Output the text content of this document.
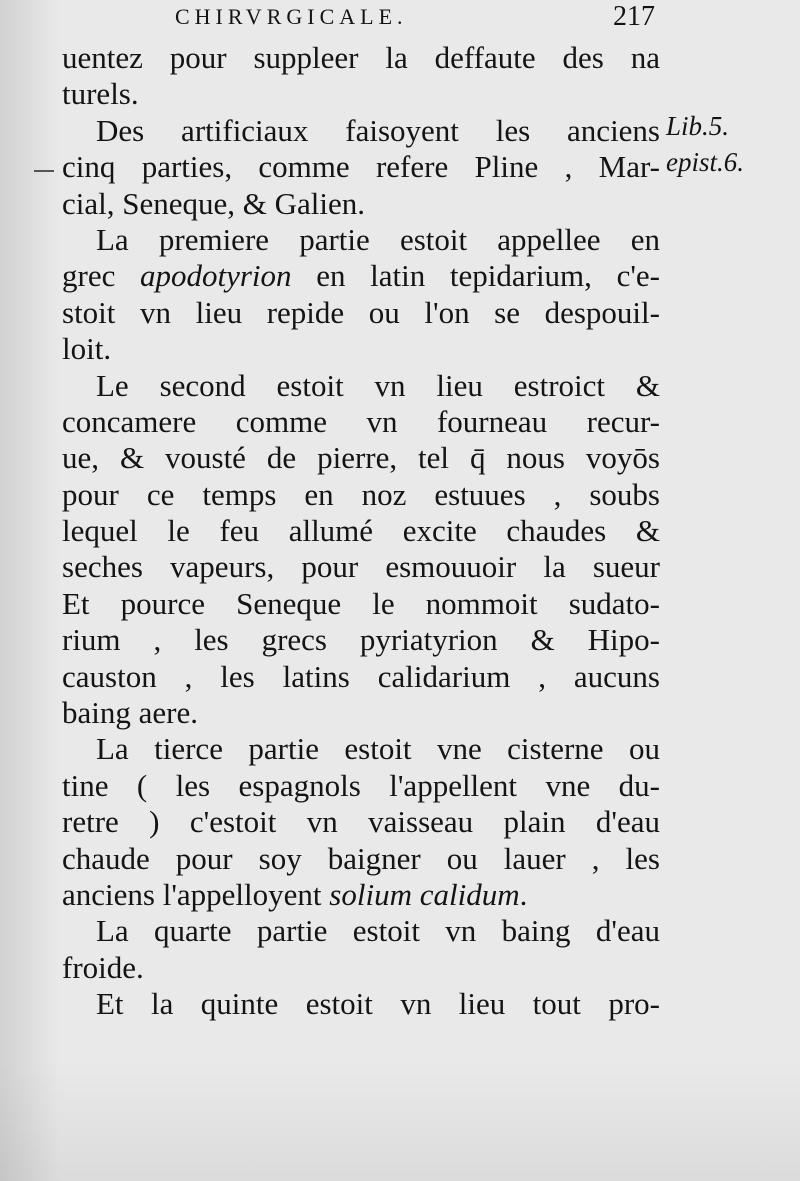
CHIRVRGICALE.	217
Lib.5.
epist.6.
uentez pour suppleer la deffaute des na
turels.
Des artificiaux faisoyent les anciens
cinq parties, comme refere Pline , Mar-
cial, Seneque, & Galien.
La premiere partie estoit appellee en
grec apodotyrion en latin tepidarium, c'e-
stoit vn lieu repide ou l'on se despouil-
loit.
Le second estoit vn lieu estroict &
concamere comme vn fourneau recur-
ue, & vousté de pierre, tel q̄ nous voyōs
pour ce temps en noz estuues , soubs
lequel le feu allumé excite chaudes &
seches vapeurs, pour esmouuoir la sueur
Et pource Seneque le nommoit sudato-
rium , les grecs pyriatyrion & Hipo-
causton , les latins calidarium , aucuns
baing aere.
La tierce partie estoit vne cisterne ou
tine ( les espagnols l'appellent vne du-
retre ) c'estoit vn vaisseau plain d'eau
chaude pour soy baigner ou lauer , les
anciens l'appelloyent solium calidum.
La quarte partie estoit vn baing d'eau
froide.
Et la quinte estoit vn lieu tout pro-
